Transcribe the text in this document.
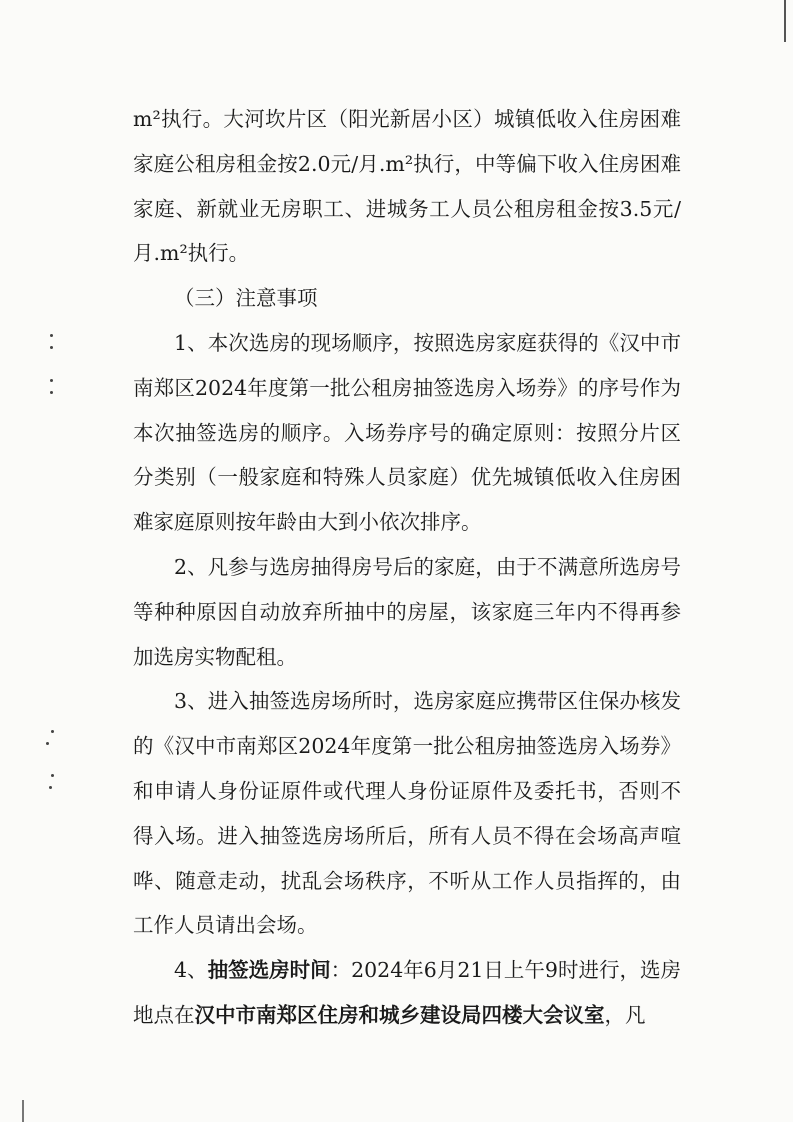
m²执行。大河坎片区（阳光新居小区）城镇低收入住房困难家庭公租房租金按2.0元/月.m²执行，中等偏下收入住房困难家庭、新就业无房职工、进城务工人员公租房租金按3.5元/月.m²执行。

（三）注意事项

1、本次选房的现场顺序，按照选房家庭获得的《汉中市南郑区2024年度第一批公租房抽签选房入场券》的序号作为本次抽签选房的顺序。入场券序号的确定原则：按照分片区分类别（一般家庭和特殊人员家庭）优先城镇低收入住房困难家庭原则按年龄由大到小依次排序。

2、凡参与选房抽得房号后的家庭，由于不满意所选房号等种种原因自动放弃所抽中的房屋，该家庭三年内不得再参加选房实物配租。

3、进入抽签选房场所时，选房家庭应携带区住保办核发的《汉中市南郑区2024年度第一批公租房抽签选房入场券》和申请人身份证原件或代理人身份证原件及委托书，否则不得入场。进入抽签选房场所后，所有人员不得在会场高声喧哗、随意走动，扰乱会场秩序，不听从工作人员指挥的，由工作人员请出会场。

4、抽签选房时间：2024年6月21日上午9时进行，选房地点在汉中市南郑区住房和城乡建设局四楼大会议室，凡
